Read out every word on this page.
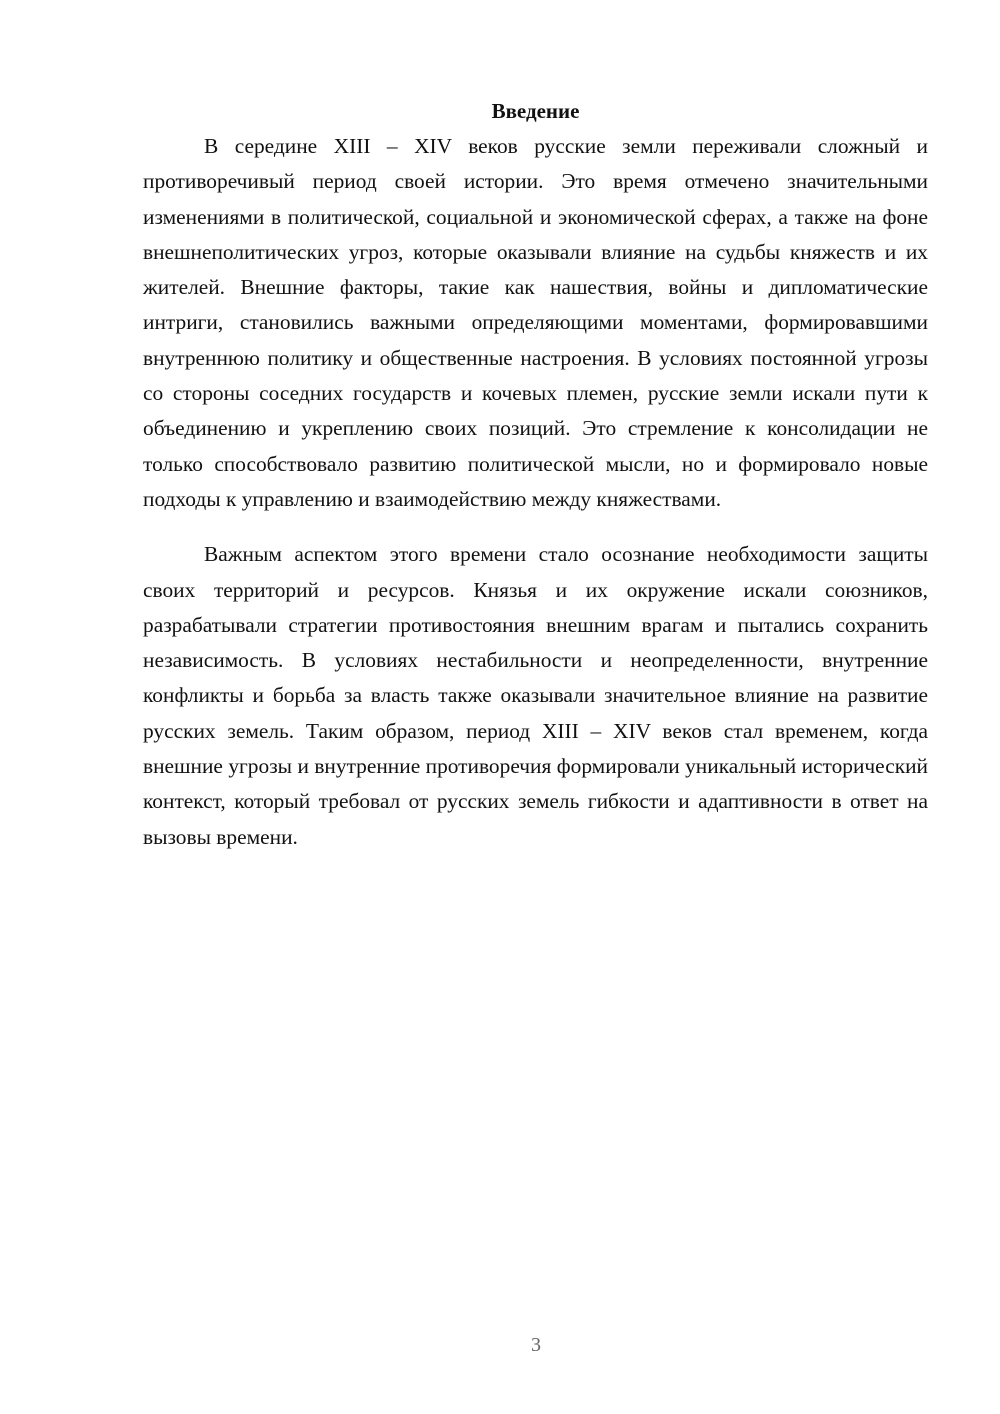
Введение

В середине XIII – XIV веков русские земли переживали сложный и противоречивый период своей истории. Это время отмечено значительными изменениями в политической, социальной и экономической сферах, а также на фоне внешнеполитических угроз, которые оказывали влияние на судьбы княжеств и их жителей. Внешние факторы, такие как нашествия, войны и дипломатические интриги, становились важными определяющими моментами, формировавшими внутреннюю политику и общественные настроения. В условиях постоянной угрозы со стороны соседних государств и кочевых племен, русские земли искали пути к объединению и укреплению своих позиций. Это стремление к консолидации не только способствовало развитию политической мысли, но и формировало новые подходы к управлению и взаимодействию между княжествами.

Важным аспектом этого времени стало осознание необходимости защиты своих территорий и ресурсов. Князья и их окружение искали союзников, разрабатывали стратегии противостояния внешним врагам и пытались сохранить независимость. В условиях нестабильности и неопределенности, внутренние конфликты и борьба за власть также оказывали значительное влияние на развитие русских земель. Таким образом, период XIII – XIV веков стал временем, когда внешние угрозы и внутренние противоречия формировали уникальный исторический контекст, который требовал от русских земель гибкости и адаптивности в ответ на вызовы времени.

3
